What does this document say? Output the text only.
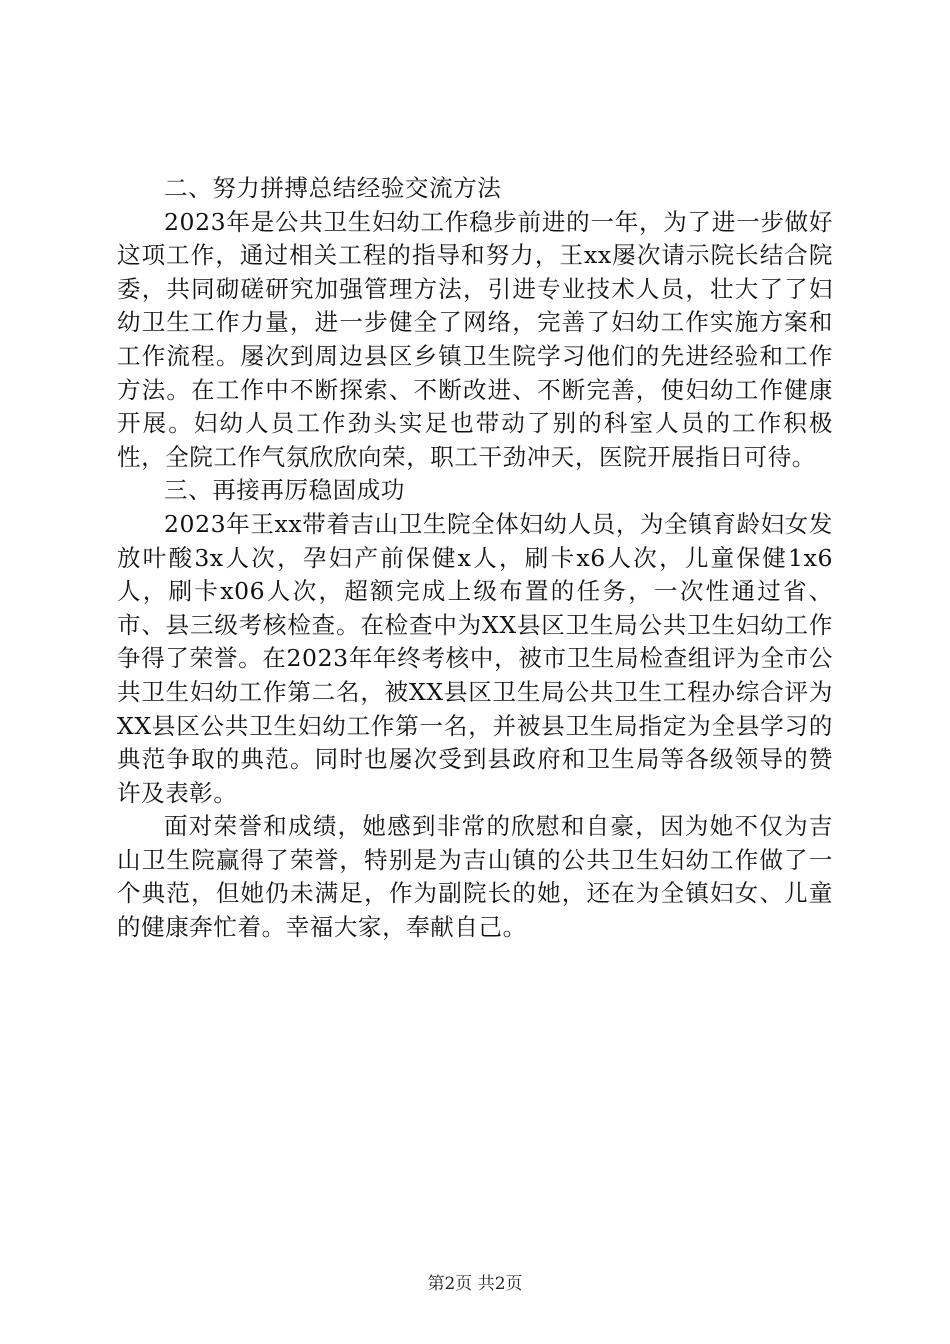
二、努力拼搏总结经验交流方法

2023年是公共卫生妇幼工作稳步前进的一年，为了进一步做好这项工作，通过相关工程的指导和努力，王xx屡次请示院长结合院委，共同砌磋研究加强管理方法，引进专业技术人员，壮大了了妇幼卫生工作力量，进一步健全了网络，完善了妇幼工作实施方案和工作流程。屡次到周边县区乡镇卫生院学习他们的先进经验和工作方法。在工作中不断探索、不断改进、不断完善，使妇幼工作健康开展。妇幼人员工作劲头实足也带动了别的科室人员的工作积极性，全院工作气氛欣欣向荣，职工干劲冲天，医院开展指日可待。

三、再接再厉稳固成功

2023年王xx带着吉山卫生院全体妇幼人员，为全镇育龄妇女发放叶酸3x人次，孕妇产前保健x人，刷卡x6人次，儿童保健1x6人，刷卡x06人次，超额完成上级布置的任务，一次性通过省、市、县三级考核检查。在检查中为XX县区卫生局公共卫生妇幼工作争得了荣誉。在2023年年终考核中，被市卫生局检查组评为全市公共卫生妇幼工作第二名，被XX县区卫生局公共卫生工程办综合评为XX县区公共卫生妇幼工作第一名，并被县卫生局指定为全县学习的典范争取的典范。同时也屡次受到县政府和卫生局等各级领导的赞许及表彰。

面对荣誉和成绩，她感到非常的欣慰和自豪，因为她不仅为吉山卫生院赢得了荣誉，特别是为吉山镇的公共卫生妇幼工作做了一个典范，但她仍未满足，作为副院长的她，还在为全镇妇女、儿童的健康奔忙着。幸福大家，奉献自己。

第2页 共2页
